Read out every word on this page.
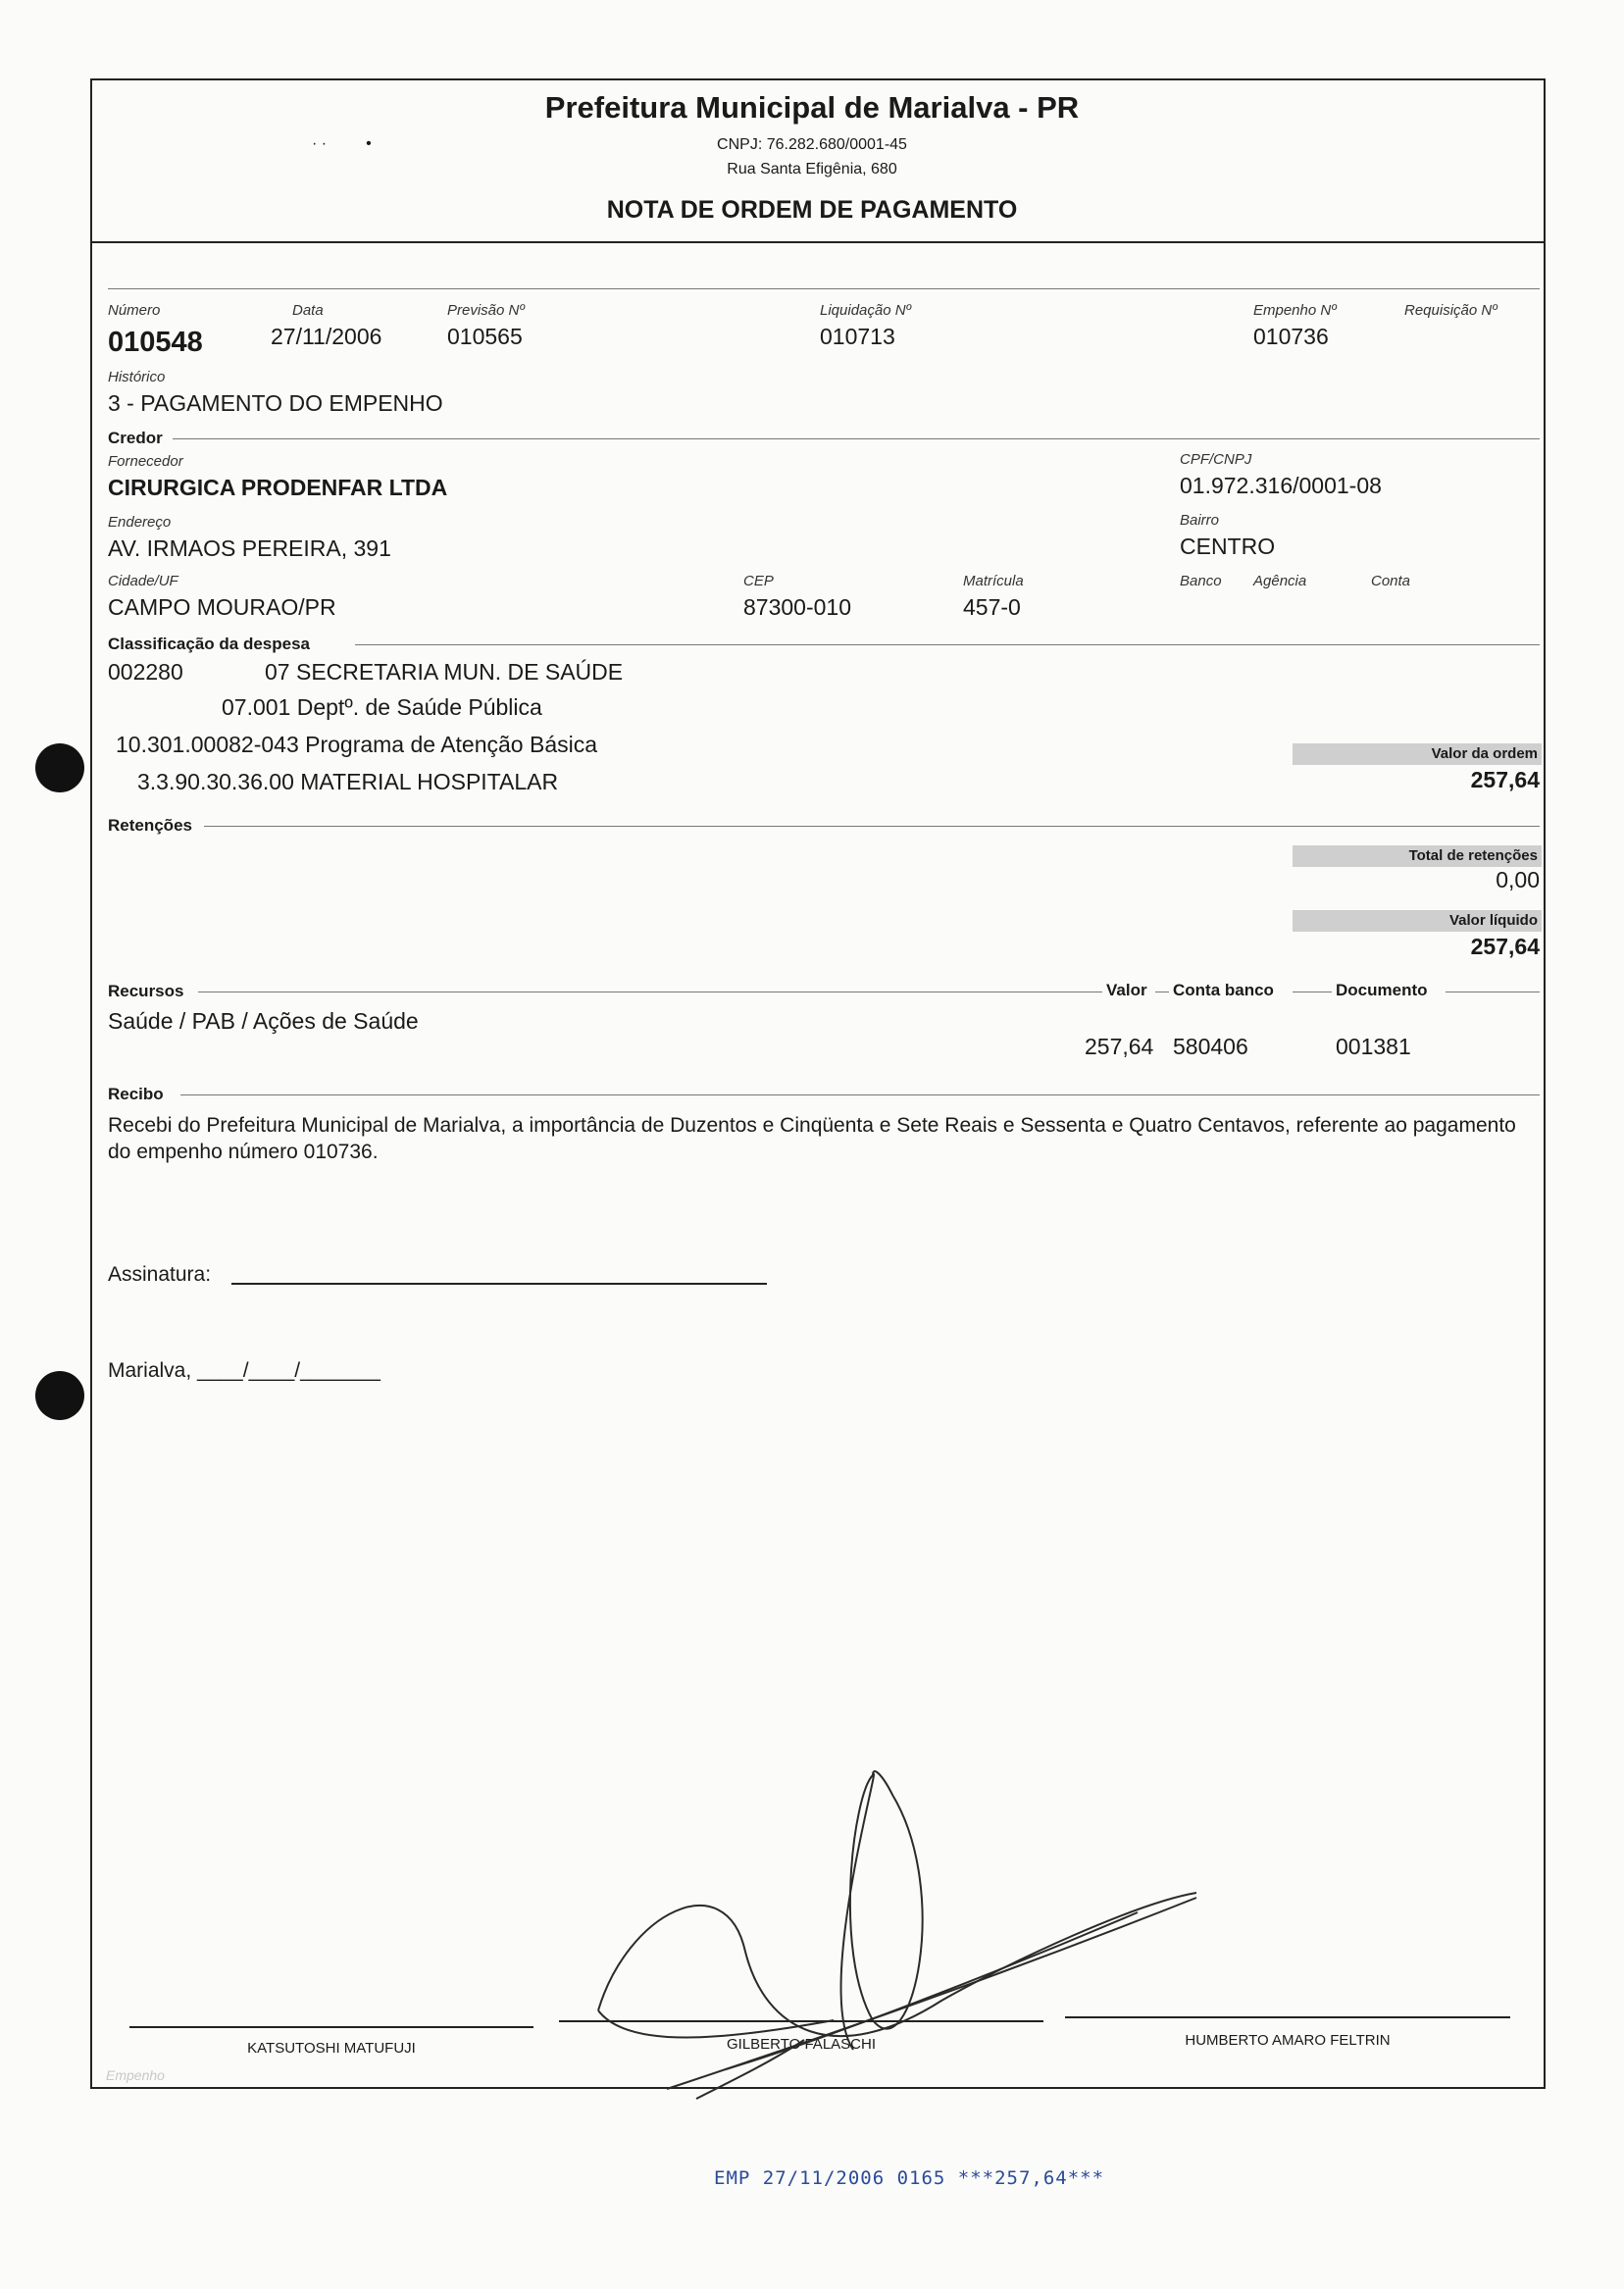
· ·         •
Prefeitura Municipal de Marialva - PR
CNPJ: 76.282.680/0001-45
Rua Santa Efigênia, 680
NOTA DE ORDEM DE PAGAMENTO
Número
010548
Data
27/11/2006
Previsão Nº
010565
Liquidação Nº
010713
Empenho Nº
010736
Requisição Nº
Histórico
3 - PAGAMENTO DO EMPENHO
Credor
Fornecedor
CIRURGICA PRODENFAR LTDA
CPF/CNPJ
01.972.316/0001-08
Endereço
AV. IRMAOS PEREIRA, 391
Bairro
CENTRO
Cidade/UF
CAMPO MOURAO/PR
CEP
87300-010
Matrícula
457-0
Banco Agência	Conta
Classificação da despesa
002280	07 SECRETARIA MUN. DE SAÚDE
07.001 Deptº. de Saúde Pública
10.301.00082-043 Programa de Atenção Básica
3.3.90.30.36.00 MATERIAL HOSPITALAR
Valor da ordem
257,64
Retenções
Total de retenções
0,00
Valor líquido
257,64
Recursos	Valor Conta banco	Documento
Saúde / PAB / Ações de Saúde
257,64 580406	001381
Recibo
Recebi do Prefeitura Municipal de Marialva, a importância de Duzentos e Cinqüenta e Sete Reais e Sessenta e Quatro Centavos, referente ao pagamento do empenho número 010736.
Assinatura:
Marialva, ____/____/_______
KATSUTOSHI MATUFUJI	GILBERTO FALASCHI	HUMBERTO AMARO FELTRIN
Empenho
EMP 27/11/2006 0165 ***257,64***
